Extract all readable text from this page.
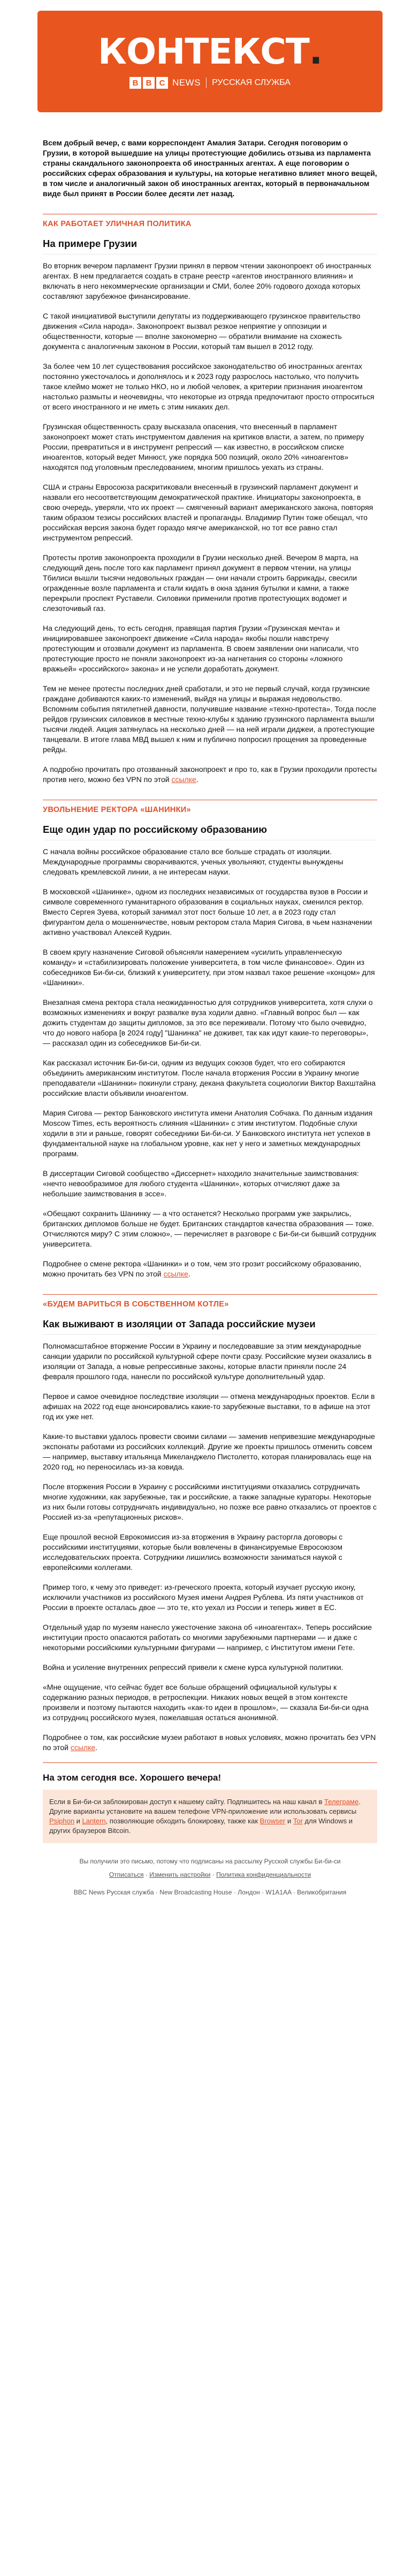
КОНТЕКСТ.
B B C NEWS РУССКАЯ СЛУЖБА
Всем добрый вечер, с вами корреспондент Амалия Затари. Сегодня поговорим о Грузии, в которой вышедшие на улицы протестующие добились отзыва из парламента страны скандального законопроекта об иностранных агентах. А еще поговорим о российских сферах образования и культуры, на которые негативно влияет много вещей, в том числе и аналогичный закон об иностранных агентах, который в первоначальном виде был принят в России более десяти лет назад.
КАК РАБОТАЕТ УЛИЧНАЯ ПОЛИТИКА
На примере Грузии

Во вторник вечером парламент Грузии принял в первом чтении законопроект об иностранных агентах. В нем предлагается создать в стране реестр «агентов иностранного влияния» и включать в него некоммерческие организации и СМИ, более 20% годового дохода которых составляют зарубежное финансирование.

С такой инициативой выступили депутаты из поддерживающего грузинское правительство движения «Сила народа». Законопроект вызвал резкое неприятие у оппозиции и общественности, которые — вполне закономерно — обратили внимание на схожесть документа с аналогичным законом в России, который там вышел в 2012 году.

За более чем 10 лет существования российское законодательство об иностранных агентах постоянно ужесточалось и дополнялось и к 2023 году разрослось настолько, что получить такое клеймо может не только НКО, но и любой человек, а критерии признания иноагентом настолько размыты и неочевидны, что некоторые из отряда предпочитают просто отпроситься от всего иностранного и не иметь с этим никаких дел.

Грузинская общественность сразу высказала опасения, что внесенный в парламент законопроект может стать инструментом давления на критиков власти, а затем, по примеру России, превратиться и в инструмент репрессий — как известно, в российском списке иноагентов, который ведет Минюст, уже порядка 500 позиций, около 20% «иноагентов» находятся под уголовным преследованием, многим пришлось уехать из страны.

США и страны Евросоюза раскритиковали внесенный в грузинский парламент документ и назвали его несоответствующим демократической практике. Инициаторы законопроекта, в свою очередь, уверяли, что их проект — смягченный вариант американского закона, повторяя таким образом тезисы российских властей и пропаганды. Владимир Путин тоже обещал, что российская версия закона будет гораздо мягче американской, но тот все равно стал инструментом репрессий.

Протесты против законопроекта проходили в Грузии несколько дней. Вечером 8 марта, на следующий день после того как парламент принял документ в первом чтении, на улицы Тбилиси вышли тысячи недовольных граждан — они начали строить баррикады, свесили огражденные возле парламента и стали кидать в окна здания бутылки и камни, а также перекрыли проспект Руставели. Силовики применили против протестующих водомет и слезоточивый газ.

На следующий день, то есть сегодня, правящая партия Грузии «Грузинская мечта» и инициировавшее законопроект движение «Сила народа» якобы пошли навстречу протестующим и отозвали документ из парламента. В своем заявлении они написали, что протестующие просто не поняли законопроект из-за нагнетания со стороны «ложного вражьей» «российского» закона» и не успели доработать документ.

Тем не менее протесты последних дней сработали, и это не первый случай, когда грузинские граждане добиваются каких-то изменений, выйдя на улицы и выражая недовольство. Вспомним события пятилетней давности, получившие название «техно-протеста». Тогда после рейдов грузинских силовиков в местные техно-клубы к зданию грузинского парламента вышли тысячи людей. Акция затянулась на несколько дней — на ней играли диджеи, а протестующие танцевали. В итоге глава МВД вышел к ним и публично попросил прощения за проведенные рейды.

А подробно прочитать про отозванный законопроект и про то, как в Грузии проходили протесты против него, можно без VPN по этой ссылке.

УВОЛЬНЕНИЕ РЕКТОРА «ШАНИНКИ»
Еще один удар по российскому образованию

С начала войны российское образование стало все больше страдать от изоляции. Международные программы сворачиваются, ученых увольняют, студенты вынуждены следовать кремлевской линии, а не интересам науки.

В московской «Шанинке», одном из последних независимых от государства вузов в России и символе современного гуманитарного образования в социальных науках, сменился ректор. Вместо Сергея Зуева, который занимал этот пост больше 10 лет, а в 2023 году стал фигурантом дела о мошенничестве, новым ректором стала Мария Сигова, в чьем назначении активно участвовал Алексей Кудрин.

В своем кругу назначение Сиговой объясняли намерением «усилить управленческую команду» и «стабилизировать положение университета, в том числе финансовое». Один из собеседников Би-би-си, близкий к университету, при этом назвал такое решение «концом» для «Шанинки».

Внезапная смена ректора стала неожиданностью для сотрудников университета, хотя слухи о возможных изменениях и вокруг развалке вуза ходили давно. «Главный вопрос был — как дожить студентам до защиты дипломов, за это все переживали. Потому что было очевидно, что до нового набора [в 2024 году] "Шанинка" не доживет, так как идут какие-то переговоры», — рассказал один из собеседников Би-би-си.

Как рассказал источник Би-би-си, одним из ведущих союзов будет, что его собираются объединить американским институтом. После начала вторжения России в Украину многие преподаватели «Шанинки» покинули страну, декана факультета социологии Виктор Вахштайна российские власти объявили иноагентом.

Мария Сигова — ректор Банковского института имени Анатолия Собчака. По данным издания Moscow Times, есть вероятность слияния «Шанинки» с этим институтом. Подобные слухи ходили в эти и раньше, говорят собеседники Би-би-си. У Банковского института нет успехов в фундаментальной науке на глобальном уровне, как нет у него и заметных международных программ.

В диссертации Сиговой сообщество «Диссернет» находило значительные заимствования: «нечто невообразимое для любого студента «Шанинки», которых отчисляют даже за небольшие заимствования в эссе».

«Обещают сохранить Шанинку — а что останется? Несколько программ уже закрылись, британских дипломов больше не будет. Британских стандартов качества образования — тоже. Отчисляются миру? С этим сложно», — перечисляет в разговоре с Би-би-си бывший сотрудник университета.

Подробнее о смене ректора «Шанинки» и о том, чем это грозит российскому образованию, можно прочитать без VPN по этой ссылке.

«БУДЕМ ВАРИТЬСЯ В СОБСТВЕННОМ КОТЛЕ»
Как выживают в изоляции от Запада российские музеи

Полномасштабное вторжение России в Украину и последовавшие за этим международные санкции ударили по российской культурной сфере почти сразу. Российские музеи оказались в изоляции от Запада, а новые репрессивные законы, которые власти приняли после 24 февраля прошлого года, нанесли по российской культуре дополнительный удар.

Первое и самое очевидное последствие изоляции — отмена международных проектов. Если в афишах на 2022 год еще анонсировались какие-то зарубежные выставки, то в афише на этот год их уже нет.

Какие-то выставки удалось провести своими силами — заменив непривезшие международные экспонаты работами из российских коллекций. Другие же проекты пришлось отменить совсем — например, выставку итальянца Микеланджело Пистолетто, которая планировалась еще на 2020 год, но переносилась из-за ковида.

После вторжения России в Украину с российскими институциями отказались сотрудничать многие художники, как зарубежные, так и российские, а также западные кураторы. Некоторые из них были готовы сотрудничать индивидуально, но позже все равно отказались от проектов с Россией из-за «репутационных рисков».

Еще прошлой весной Еврокомиссия из-за вторжения в Украину расторгла договоры с российскими институциями, которые были вовлечены в финансируемые Евросоюзом исследовательских проекта. Сотрудники лишились возможности заниматься наукой с европейскими коллегами.

Пример того, к чему это приведет: из-греческого проекта, который изучает русскую икону, исключили участников из российского Музея имени Андрея Рублева. Из пяти участников от России в проекте осталась двое — это те, кто уехал из России и теперь живет в ЕС.

Отдельный удар по музеям нанесло ужесточение закона об «иноагентах». Теперь российские институции просто опасаются работать со многими зарубежными партнерами — и даже с некоторыми российскими культурными фигурами — например, с Институтом имени Гете.

Война и усиление внутренних репрессий привели к смене курса культурной политики.

«Мне ощущение, что сейчас будет все больше обращений официальной культуры к содержанию разных периодов, в ретроспекции. Никаких новых вещей в этом контексте произвели и поэтому пытаются находить «как-то идеи в прошлом», — сказала Би-би-си одна из сотрудниц российского музея, пожелавшая остаться анонимной.

Подробнее о том, как российские музеи работают в новых условиях, можно прочитать без VPN по этой ссылке.

На этом сегодня все. Хорошего вечера!
Если в Би-би-си заблокирован доступ к нашему сайту. Подпишитесь на наш канал в Телеграме. Другие варианты установите на вашем телефоне VPN-приложение или использовать сервисы Psiphon и Lantern, позволяющие обходить блокировку, также как Browser и Tor для Windows и других браузеров Bitcoin.
Вы получили это письмо, потому что подписаны на рассылку Русской службы Би-би-си
Отписаться · Изменить настройки · Политика конфиденциальности
BBC News Русская служба · New Broadcasting House · Лондон · W1A1AA · Великобритания
